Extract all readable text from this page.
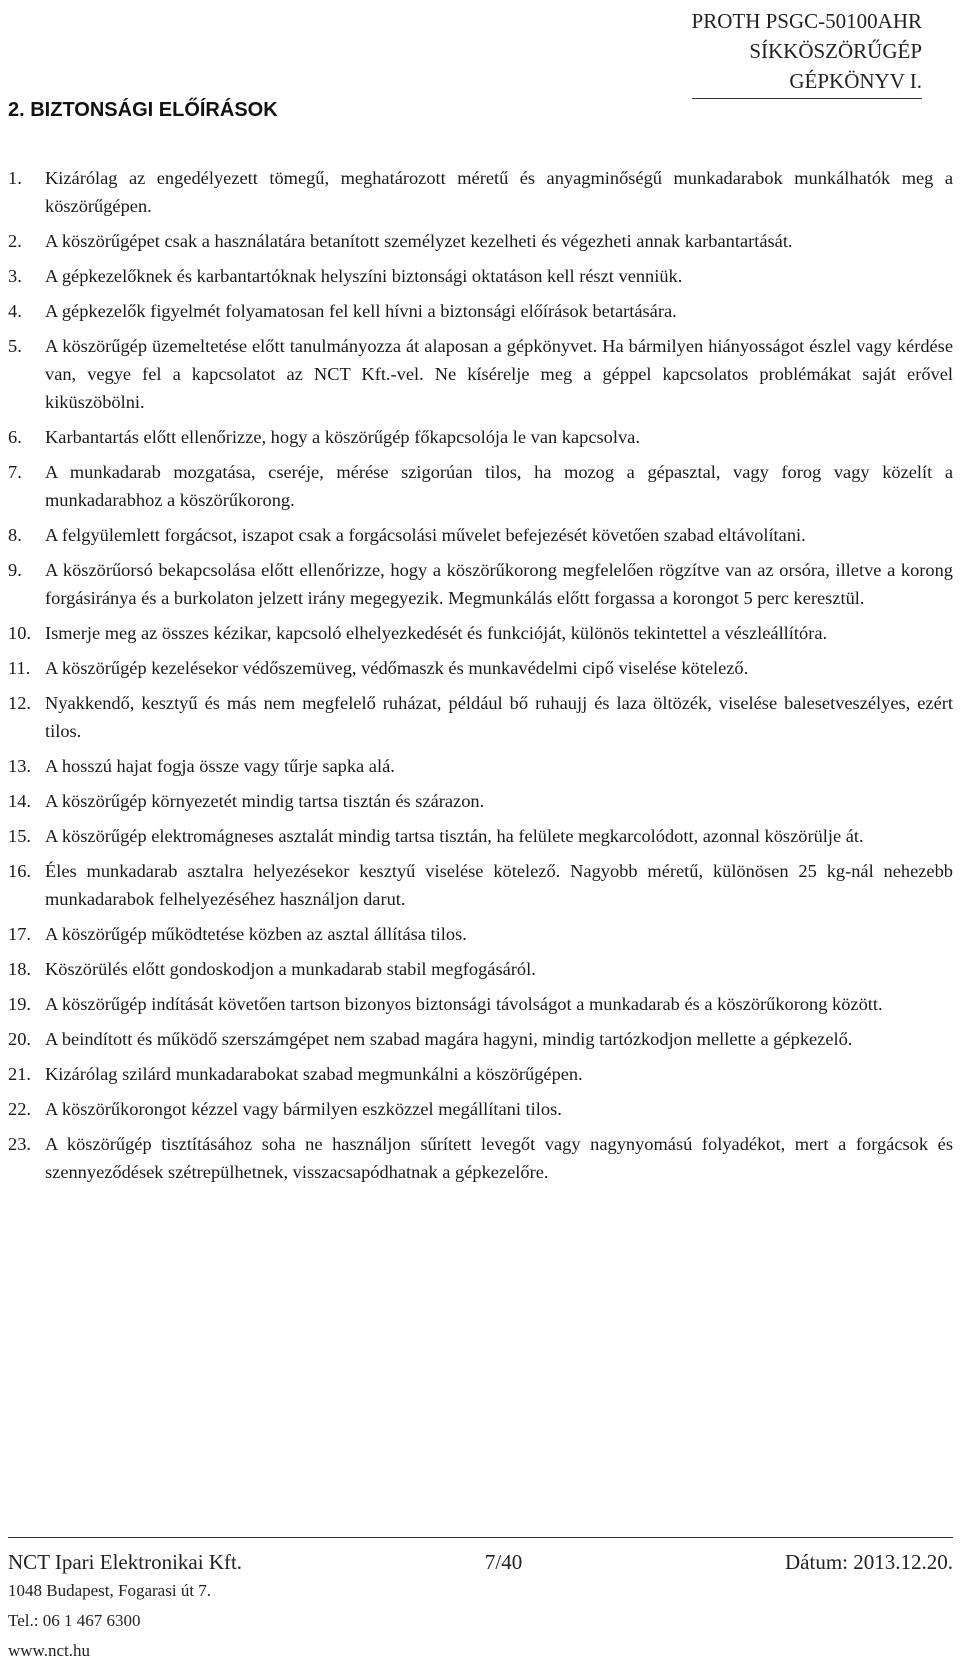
PROTH PSGC-50100AHR
SÍKKÖSZÖRŰGÉP
GÉPKÖNYV I.
2. BIZTONSÁGI ELŐÍRÁSOK
1.	Kizárólag az engedélyezett tömegű, meghatározott méretű és anyagminőségű munkadarabok munkálhatók meg a köszörűgépen.
2.	A köszörűgépet csak a használatára betanított személyzet kezelheti és végezheti annak karbantartását.
3.	A gépkezelőknek és karbantartóknak helyszíni biztonsági oktatáson kell részt venniük.
4.	A gépkezelők figyelmét folyamatosan fel kell hívni a biztonsági előírások betartására.
5.	A köszörűgép üzemeltetése előtt tanulmányozza át alaposan a gépkönyvet. Ha bármilyen hiányosságot észlel vagy kérdése van, vegye fel a kapcsolatot az NCT Kft.-vel. Ne kísérelje meg a géppel kapcsolatos problémákat saját erővel kiküszöbölni.
6.	Karbantartás előtt ellenőrizze, hogy a köszörűgép főkapcsolója le van kapcsolva.
7.	A munkadarab mozgatása, cseréje, mérése szigorúan tilos, ha mozog a gépasztal, vagy forog vagy közelít a munkadarabhoz a köszörűkorong.
8.	A felgyülemlett forgácsot, iszapot csak a forgácsolási művelet befejezését követően szabad eltávolítani.
9.	A köszörűorsó bekapcsolása előtt ellenőrizze, hogy a köszörűkorong megfelelően rögzítve van az orsóra, illetve a korong forgásiránya és a burkolaton jelzett irány megegyezik. Megmunkálás előtt forgassa a korongot 5 perc keresztül.
10. Ismerje meg az összes kézikar, kapcsoló elhelyezkedését és funkcióját, különös tekintettel a vészleállítóra.
11. A köszörűgép kezelésekor védőszemüveg, védőmaszk és munkavédelmi cipő viselése kötelező.
12. Nyakkendő, kesztyű és más nem megfelelő ruházat, például bő ruhaujj és laza öltözék, viselése balesetveszélyes, ezért tilos.
13. A hosszú hajat fogja össze vagy tűrje sapka alá.
14. A köszörűgép környezetét mindig tartsa tisztán és szárazon.
15. A köszörűgép elektromágneses asztalát mindig tartsa tisztán, ha felülete megkarcolódott, azonnal köszörülje át.
16. Éles munkadarab asztalra helyezésekor kesztyű viselése kötelező. Nagyobb méretű, különösen 25 kg-nál nehezebb munkadarabok felhelyezéséhez használjon darut.
17. A köszörűgép működtetése közben az asztal állítása tilos.
18. Köszörülés előtt gondoskodjon a munkadarab stabil megfogásáról.
19. A köszörűgép indítását követően tartson bizonyos biztonsági távolságot a munkadarab és a köszörűkorong között.
20. A beindított és működő szerszámgépet nem szabad magára hagyni, mindig tartózkodjon mellette a gépkezelő.
21. Kizárólag szilárd munkadarabokat szabad megmunkálni a köszörűgépen.
22. A köszörűkorongot kézzel vagy bármilyen eszközzel megállítani tilos.
23. A köszörűgép tisztításához soha ne használjon sűrített levegőt vagy nagynyomású folyadékot, mert a forgácsok és szennyeződések szétrepülhetnek, visszacsapódhatnak a gépkezelőre.
NCT Ipari Elektronikai Kft.	7/40	Dátum: 2013.12.20.
1048 Budapest, Fogarasi út 7.
Tel.: 06 1 467 6300
www.nct.hu
